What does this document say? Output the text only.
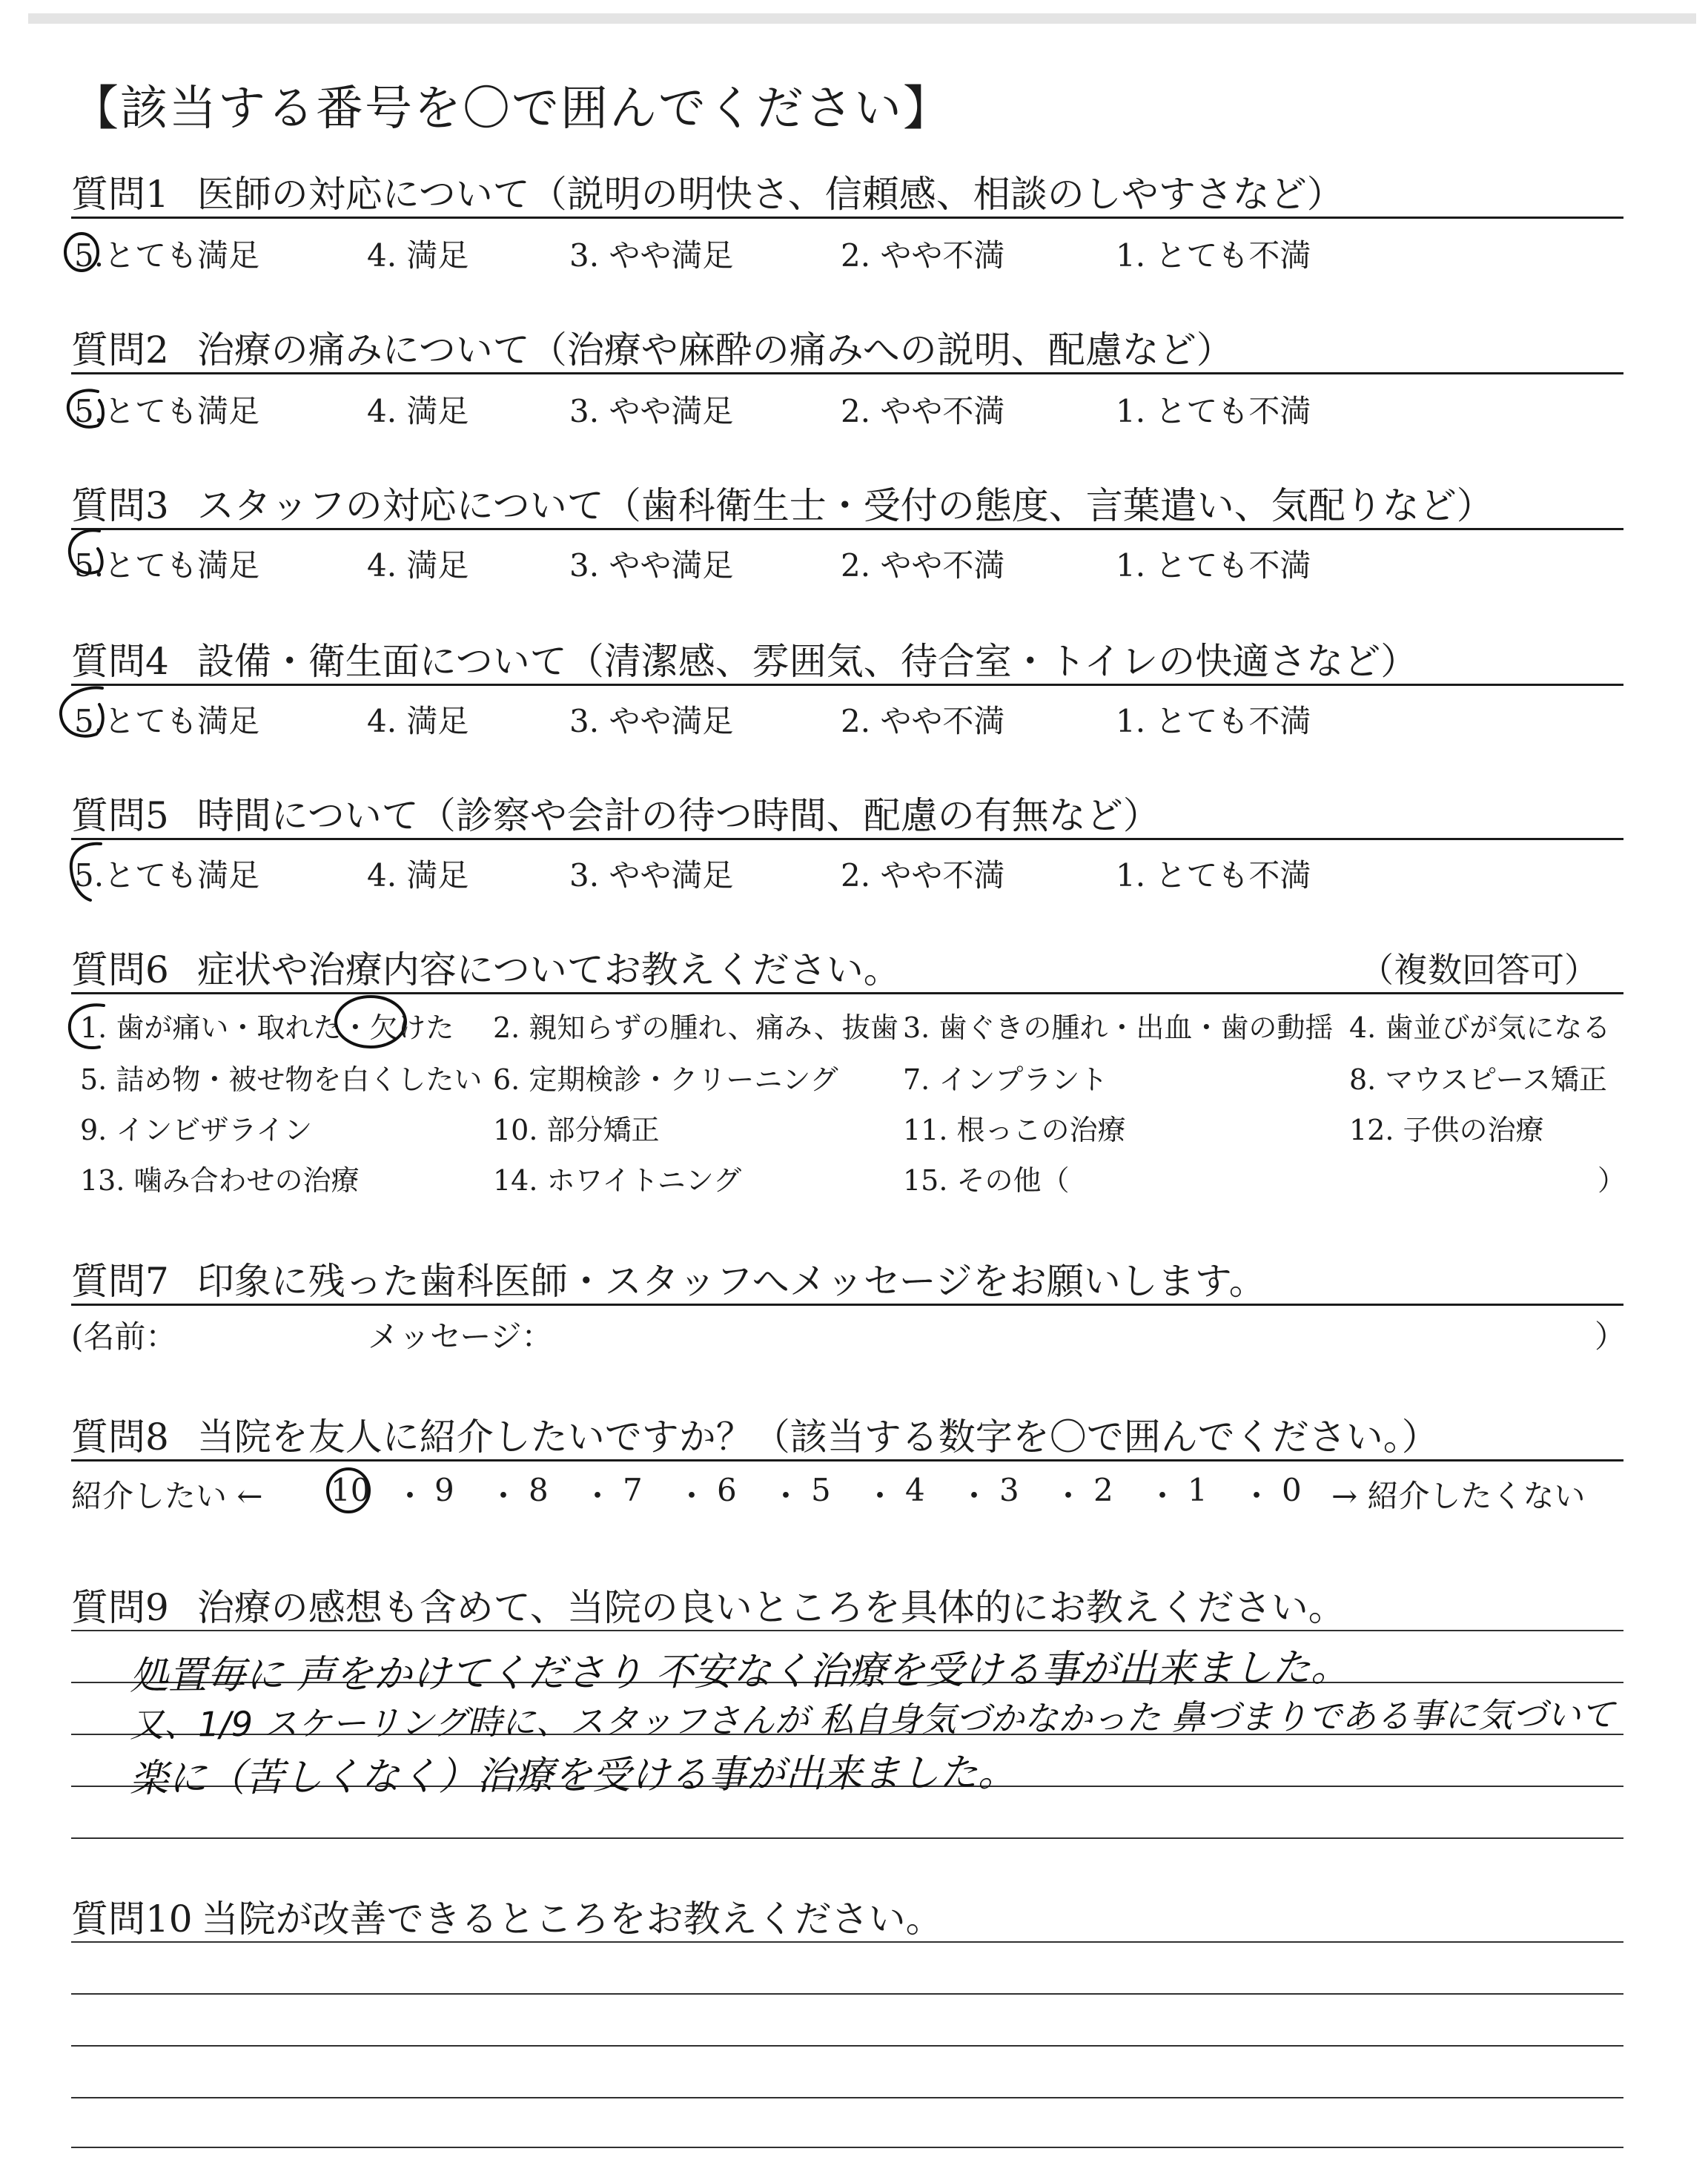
【該当する番号を〇で囲んでください】
質問1 医師の対応について（説明の明快さ、信頼感、相談のしやすさなど）
5.とても満足	4. 満足	3. やや満足	2. やや不満	1. とても不満
質問2 治療の痛みについて（治療や麻酔の痛みへの説明、配慮など）
5.とても満足	4. 満足	3. やや満足	2. やや不満	1. とても不満
質問3 スタッフの対応について（歯科衛生士・受付の態度、言葉遣い、気配りなど）
5.とても満足	4. 満足	3. やや満足	2. やや不満	1. とても不満
質問4 設備・衛生面について（清潔感、雰囲気、待合室・トイレの快適さなど）
5.とても満足	4. 満足	3. やや満足	2. やや不満	1. とても不満
質問5 時間について（診察や会計の待つ時間、配慮の有無など）
5.とても満足	4. 満足	3. やや満足	2. やや不満	1. とても不満
質問6 症状や治療内容についてお教えください。	（複数回答可）
1. 歯が痛い・取れた・欠けた 2. 親知らずの腫れ、痛み、抜歯 3. 歯ぐきの腫れ・出血・歯の動揺 4. 歯並びが気になる
5. 詰め物・被せ物を白くしたい 6. 定期検診・クリーニング 7. インプラント	8. マウスピース矯正
9. インビザライン	10. 部分矯正	11. 根っこの治療	12. 子供の治療
13. 噛み合わせの治療	14. ホワイトニング	15. その他（	）
質問7 印象に残った歯科医師・スタッフへメッセージをお願いします。
(名前：	メッセージ：	）
質問8 当院を友人に紹介したいですか？（該当する数字を〇で囲んでください。）
紹介したい ← 10 ・ 9 ・ 8 ・ 7 ・ 6 ・ 5 ・ 4 ・ 3 ・ 2 ・ 1 ・ 0 → 紹介したくない
質問9 治療の感想も含めて、当院の良いところを具体的にお教えください。
処置毎に 声をかけてくださり 不安なく治療を受ける事が出来ました。
又、1/9 スケーリング時に、スタッフさんが 私自身気づかなかった 鼻づまりである事に気づいて
楽に（苦しくなく）治療を受ける事が出来ました。
質問10 当院が改善できるところをお教えください。
